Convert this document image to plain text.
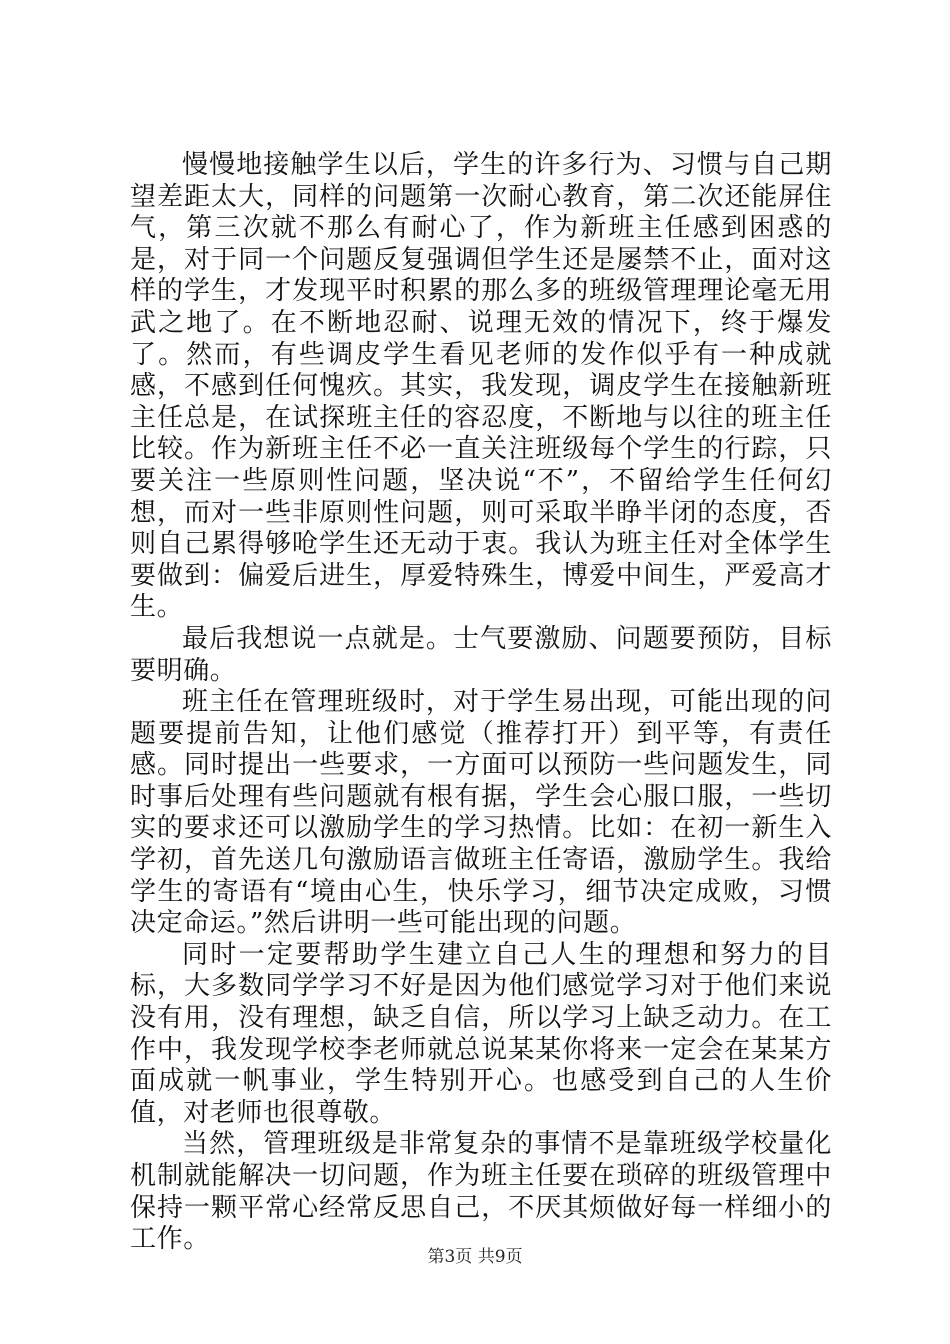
慢慢地接触学生以后，学生的许多行为、习惯与自己期望差距太大，同样的问题第一次耐心教育，第二次还能屏住气，第三次就不那么有耐心了，作为新班主任感到困惑的是，对于同一个问题反复强调但学生还是屡禁不止，面对这样的学生，才发现平时积累的那么多的班级管理理论毫无用武之地了。在不断地忍耐、说理无效的情况下，终于爆发了。然而，有些调皮学生看见老师的发作似乎有一种成就感，不感到任何愧疚。其实，我发现，调皮学生在接触新班主任总是，在试探班主任的容忍度，不断地与以往的班主任比较。作为新班主任不必一直关注班级每个学生的行踪，只要关注一些原则性问题，坚决说“不”，不留给学生任何幻想，而对一些非原则性问题，则可采取半睁半闭的态度，否则自己累得够呛学生还无动于衷。我认为班主任对全体学生要做到：偏爱后进生，厚爱特殊生，博爱中间生，严爱高才生。

最后我想说一点就是。士气要激励、问题要预防，目标要明确。

班主任在管理班级时，对于学生易出现，可能出现的问题要提前告知，让他们感觉（推荐打开）到平等，有责任感。同时提出一些要求，一方面可以预防一些问题发生，同时事后处理有些问题就有根有据，学生会心服口服，一些切实的要求还可以激励学生的学习热情。比如：在初一新生入学初，首先送几句激励语言做班主任寄语，激励学生。我给学生的寄语有“境由心生，快乐学习，细节决定成败，习惯决定命运。”然后讲明一些可能出现的问题。

同时一定要帮助学生建立自己人生的理想和努力的目标，大多数同学学习不好是因为他们感觉学习对于他们来说没有用，没有理想，缺乏自信，所以学习上缺乏动力。在工作中，我发现学校李老师就总说某某你将来一定会在某某方面成就一帆事业，学生特别开心。也感受到自己的人生价值，对老师也很尊敬。

当然，管理班级是非常复杂的事情不是靠班级学校量化机制就能解决一切问题，作为班主任要在琐碎的班级管理中保持一颗平常心经常反思自己，不厌其烦做好每一样细小的工作。

第3页 共9页
